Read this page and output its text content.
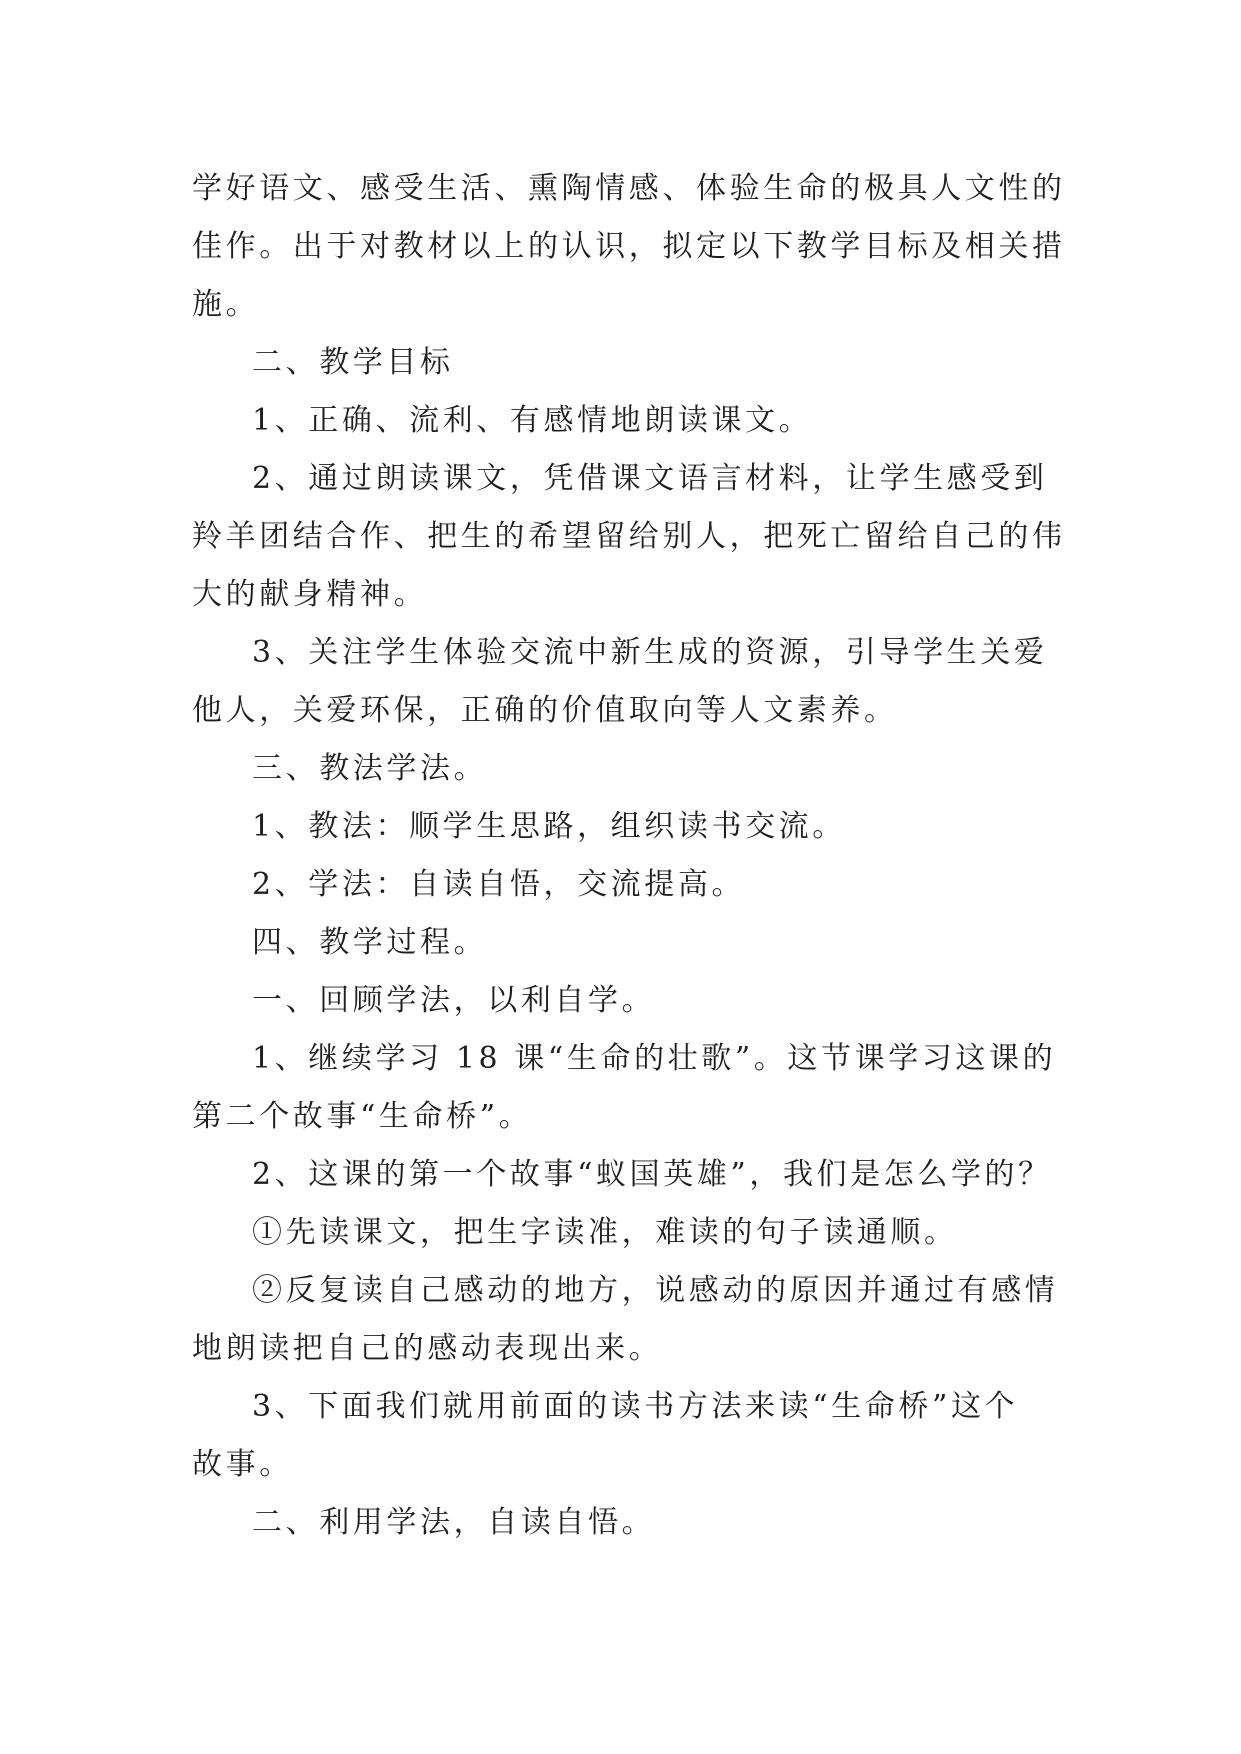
学好语文、感受生活、熏陶情感、体验生命的极具人文性的
佳作。出于对教材以上的认识，拟定以下教学目标及相关措
施。
二、教学目标
1、正确、流利、有感情地朗读课文。
2、通过朗读课文，凭借课文语言材料，让学生感受到
羚羊团结合作、把生的希望留给别人，把死亡留给自己的伟
大的献身精神。
3、关注学生体验交流中新生成的资源，引导学生关爱
他人，关爱环保，正确的价值取向等人文素养。
三、教法学法。
1、教法：顺学生思路，组织读书交流。
2、学法：自读自悟，交流提高。
四、教学过程。
一、回顾学法，以利自学。
1、继续学习 18 课“生命的壮歌”。这节课学习这课的
第二个故事“生命桥”。
2、这课的第一个故事“蚁国英雄”，我们是怎么学的？
①先读课文，把生字读准，难读的句子读通顺。
②反复读自己感动的地方，说感动的原因并通过有感情
地朗读把自己的感动表现出来。
3、下面我们就用前面的读书方法来读“生命桥”这个
故事。
二、利用学法，自读自悟。
